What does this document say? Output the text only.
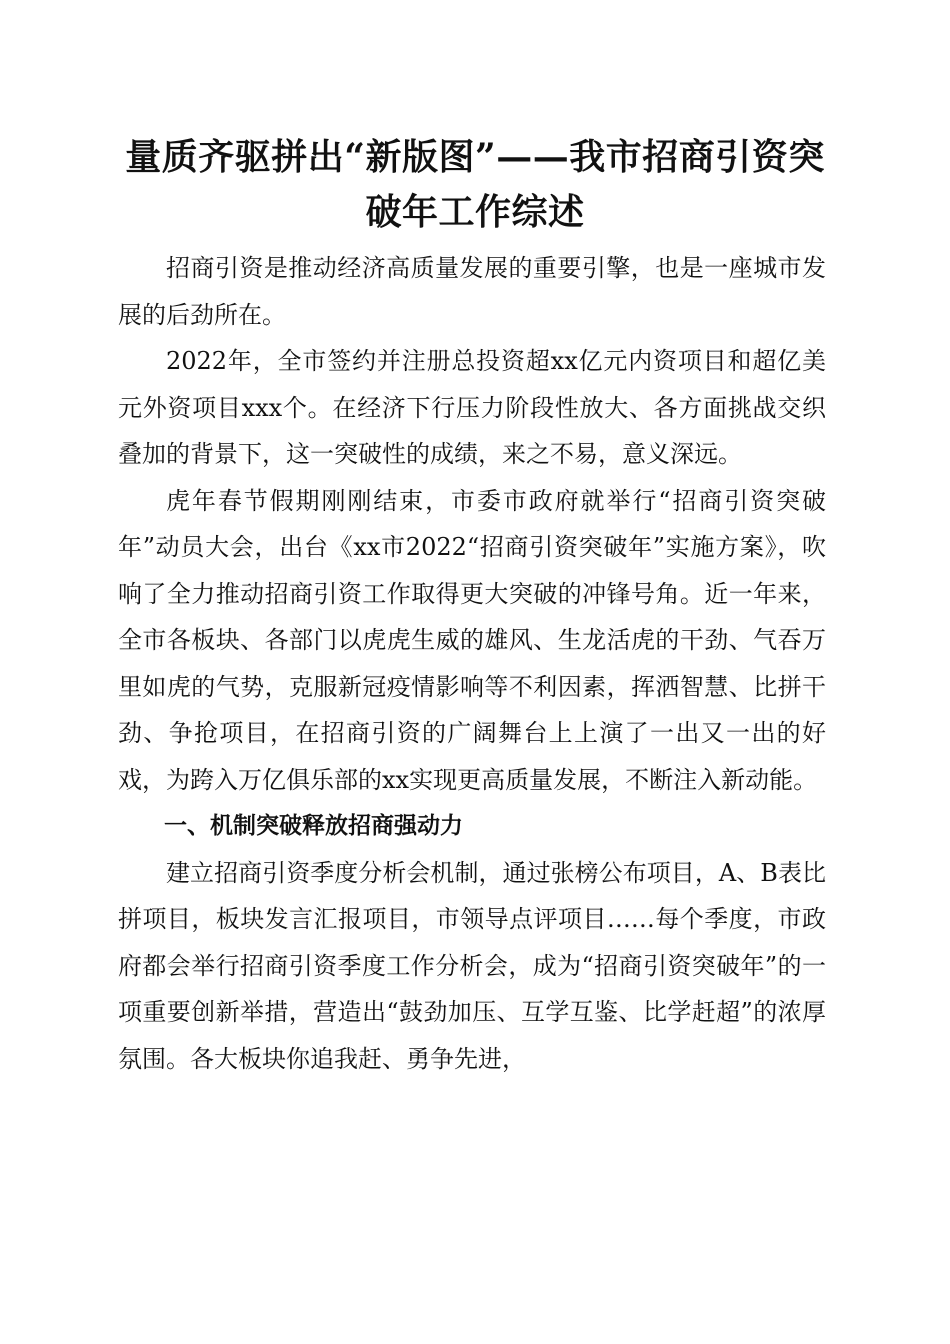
量质齐驱拼出“新版图”——我市招商引资突
破年工作综述

招商引资是推动经济高质量发展的重要引擎，也是一座城市发展的后劲所在。

2022年，全市签约并注册总投资超xx亿元内资项目和超亿美元外资项目xxx个。在经济下行压力阶段性放大、各方面挑战交织叠加的背景下，这一突破性的成绩，来之不易，意义深远。

虎年春节假期刚刚结束，市委市政府就举行“招商引资突破年”动员大会，出台《xx市2022“招商引资突破年”实施方案》，吹响了全力推动招商引资工作取得更大突破的冲锋号角。近一年来，全市各板块、各部门以虎虎生威的雄风、生龙活虎的干劲、气吞万里如虎的气势，克服新冠疫情影响等不利因素，挥洒智慧、比拼干劲、争抢项目，在招商引资的广阔舞台上上演了一出又一出的好戏，为跨入万亿俱乐部的xx实现更高质量发展，不断注入新动能。

一、机制突破释放招商强动力

建立招商引资季度分析会机制，通过张榜公布项目，A、B表比拼项目，板块发言汇报项目，市领导点评项目……每个季度，市政府都会举行招商引资季度工作分析会，成为“招商引资突破年”的一项重要创新举措，营造出“鼓劲加压、互学互鉴、比学赶超”的浓厚氛围。各大板块你追我赶、勇争先进，
